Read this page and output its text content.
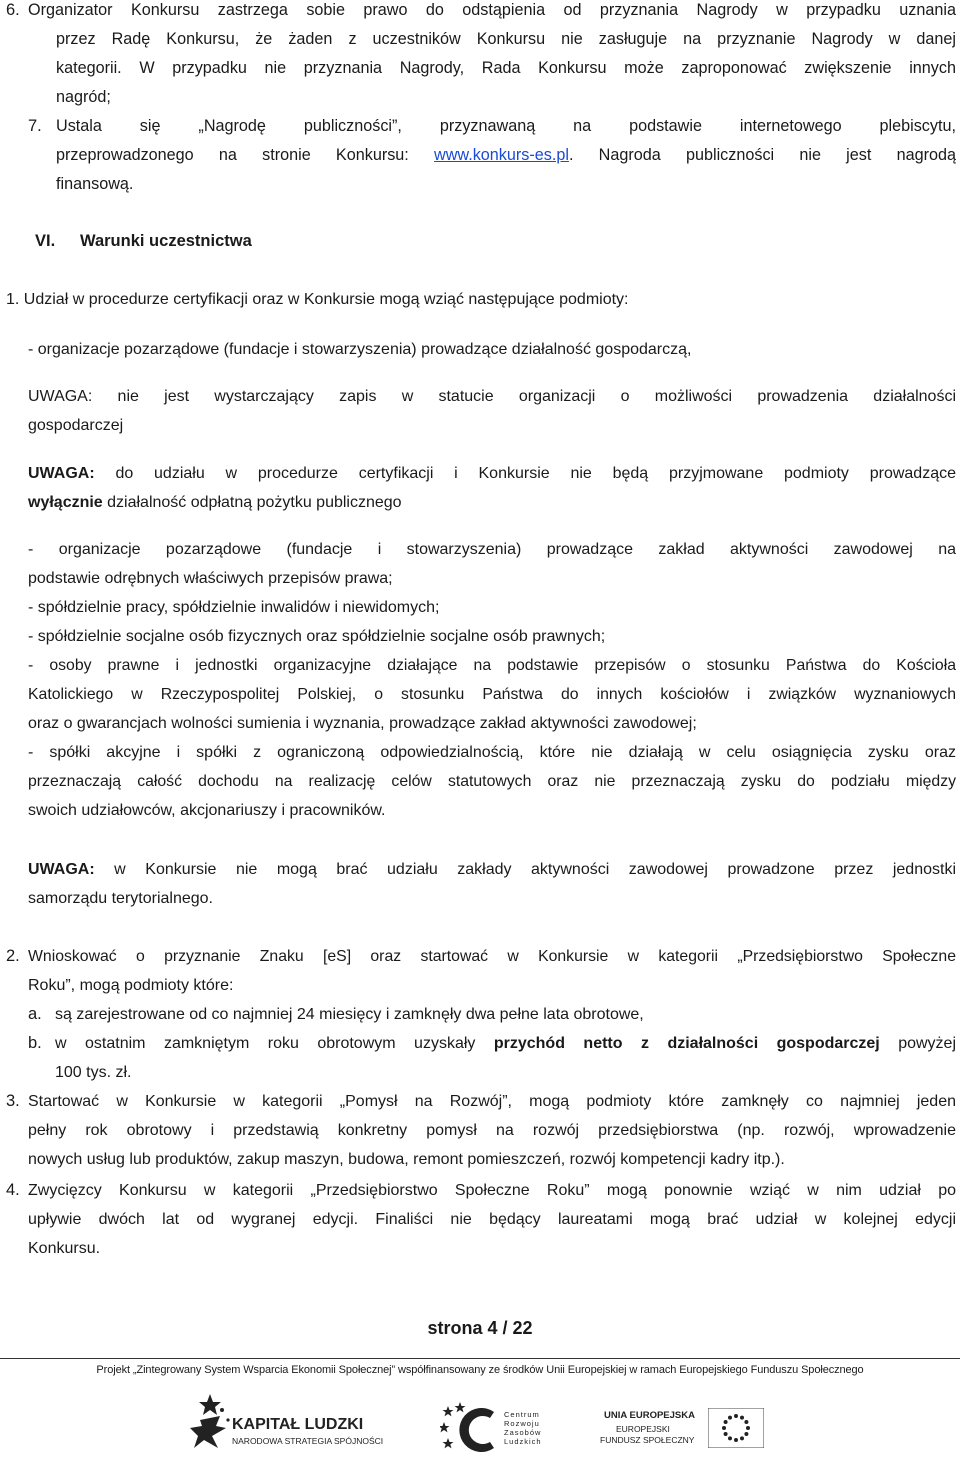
6. Organizator Konkursu zastrzega sobie prawo do odstąpienia od przyznania Nagrody w przypadku uznania
przez Radę Konkursu, że żaden z uczestników Konkursu nie zasługuje na przyznanie Nagrody w danej
kategorii. W przypadku nie przyznania Nagrody, Rada Konkursu może zaproponować zwiększenie innych
nagród;
7. Ustala się „Nagrodę publiczności”, przyznawaną na podstawie internetowego plebiscytu,
przeprowadzonego na stronie Konkursu: www.konkurs-es.pl. Nagroda publiczności nie jest nagrodą
finansową.
VI. Warunki uczestnictwa
1. Udział w procedurze certyfikacji oraz w Konkursie mogą wziąć następujące podmioty:
- organizacje pozarządowe (fundacje i stowarzyszenia) prowadzące działalność gospodarczą,
UWAGA: nie jest wystarczający zapis w statucie organizacji o możliwości prowadzenia działalności
gospodarczej
UWAGA: do udziału w procedurze certyfikacji i Konkursie nie będą przyjmowane podmioty prowadzące
wyłącznie działalność odpłatną pożytku publicznego
- organizacje pozarządowe (fundacje i stowarzyszenia) prowadzące zakład aktywności zawodowej na
podstawie odrębnych właściwych przepisów prawa;
- spółdzielnie pracy, spółdzielnie inwalidów i niewidomych;
- spółdzielnie socjalne osób fizycznych oraz spółdzielnie socjalne osób prawnych;
- osoby prawne i jednostki organizacyjne działające na podstawie przepisów o stosunku Państwa do Kościoła
Katolickiego w Rzeczypospolitej Polskiej, o stosunku Państwa do innych kościołów i związków wyznaniowych
oraz o gwarancjach wolności sumienia i wyznania, prowadzące zakład aktywności zawodowej;
- spółki akcyjne i spółki z ograniczoną odpowiedzialnością, które nie działają w celu osiągnięcia zysku oraz
przeznaczają całość dochodu na realizację celów statutowych oraz nie przeznaczają zysku do podziału między
swoich udziałowców, akcjonariuszy i pracowników.
UWAGA: w Konkursie nie mogą brać udziału zakłady aktywności zawodowej prowadzone przez jednostki
samorządu terytorialnego.
2. Wnioskować o przyznanie Znaku [eS] oraz startować w Konkursie w kategorii „Przedsiębiorstwo Społeczne
Roku”, mogą podmioty które:
a. są zarejestrowane od co najmniej 24 miesięcy i zamknęły dwa pełne lata obrotowe,
b. w ostatnim zamkniętym roku obrotowym uzyskały przychód netto z działalności gospodarczej powyżej
100 tys. zł.
3. Startować w Konkursie w kategorii „Pomysł na Rozwój”, mogą podmioty które zamknęły co najmniej jeden
pełny rok obrotowy i przedstawią konkretny pomysł na rozwój przedsiębiorstwa (np. rozwój, wprowadzenie
nowych usług lub produktów, zakup maszyn, budowa, remont pomieszczeń, rozwój kompetencji kadry itp.).
4. Zwycięzcy Konkursu w kategorii „Przedsiębiorstwo Społeczne Roku” mogą ponownie wziąć w nim udział po
upływie dwóch lat od wygranej edycji. Finaliści nie będący laureatami mogą brać udział w kolejnej edycji
Konkursu.
strona 4 / 22
Projekt „Zintegrowany System Wsparcia Ekonomii Społecznej” współfinansowany ze środków Unii Europejskiej w ramach Europejskiego Funduszu Społecznego
KAPITAŁ LUDZKI
NARODOWA STRATEGIA SPÓJNOŚCI
Centrum
Rozwoju
Zasobów
Ludzkich
UNIA EUROPEJSKA
EUROPEJSKI
FUNDUSZ SPOŁECZNY
